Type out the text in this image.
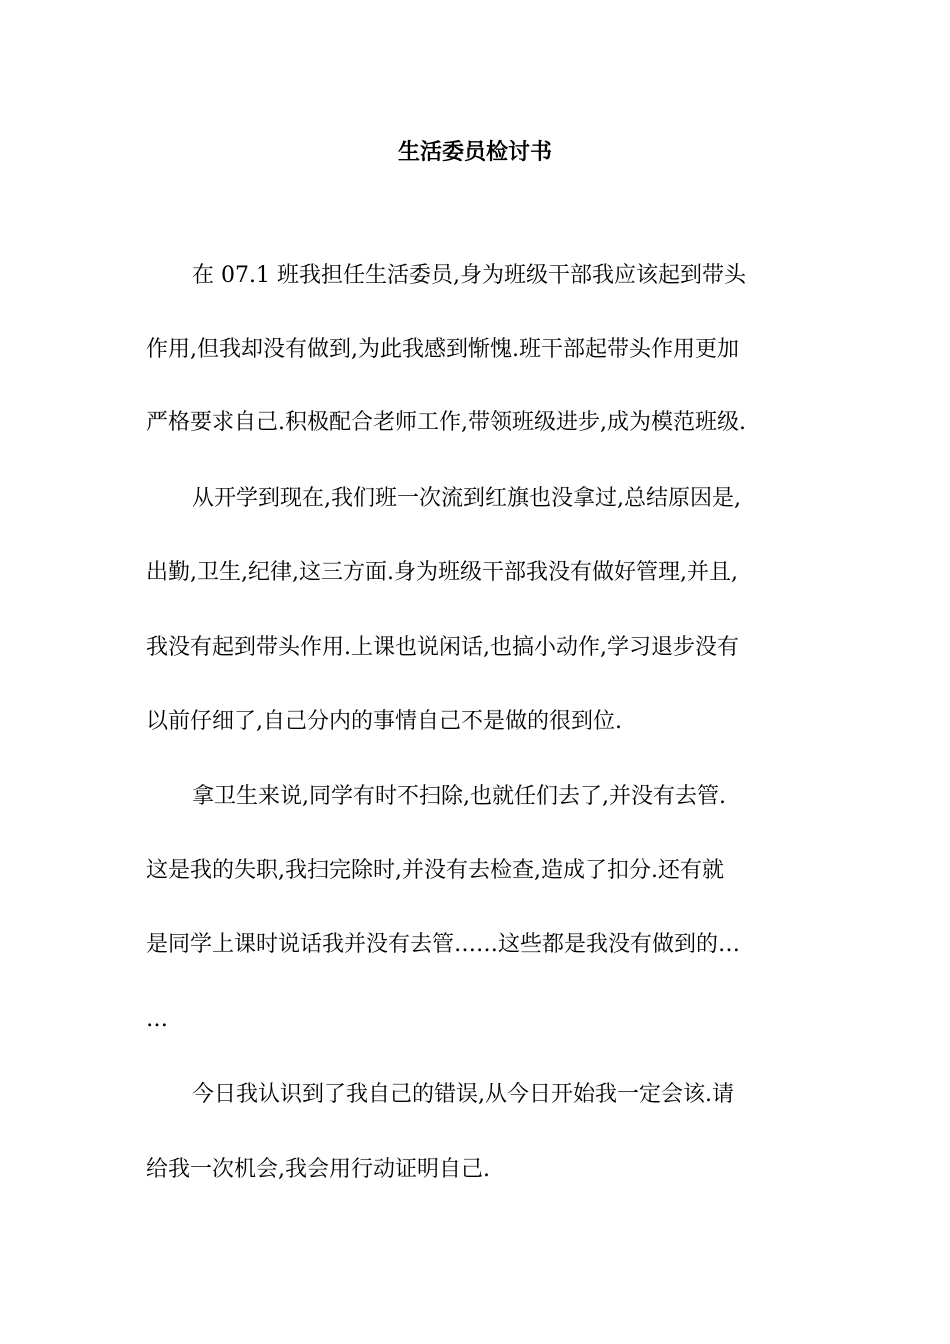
生活委员检讨书
在 07.1 班我担任生活委员,身为班级干部我应该起到带头
作用,但我却没有做到,为此我感到惭愧.班干部起带头作用更加
严格要求自己.积极配合老师工作,带领班级进步,成为模范班级.
从开学到现在,我们班一次流到红旗也没拿过,总结原因是,
出勤,卫生,纪律,这三方面.身为班级干部我没有做好管理,并且,
我没有起到带头作用.上课也说闲话,也搞小动作,学习退步没有
以前仔细了,自己分内的事情自己不是做的很到位.
拿卫生来说,同学有时不扫除,也就任们去了,并没有去管.
这是我的失职,我扫完除时,并没有去检查,造成了扣分.还有就
是同学上课时说话我并没有去管……这些都是我没有做到的…
…
今日我认识到了我自己的错误,从今日开始我一定会该.请
给我一次机会,我会用行动证明自己.
